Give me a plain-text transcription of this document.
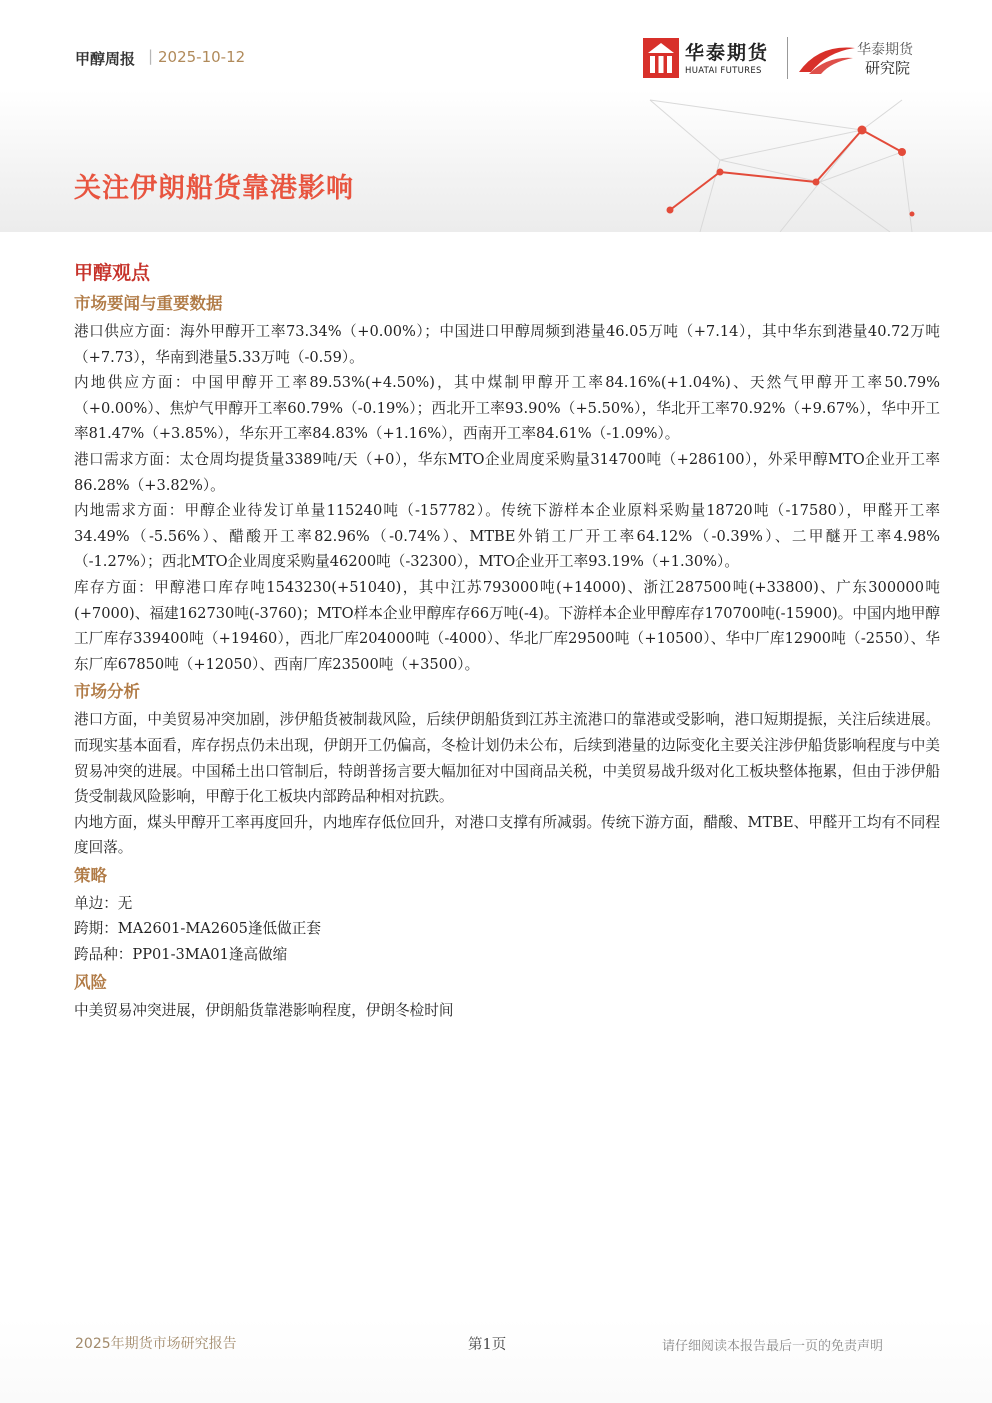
甲醇周报 | 2025-10-12	华泰期货
HUATAI FUTURES
华泰期货
研究院
关注伊朗船货靠港影响
甲醇观点
市场要闻与重要数据

港口供应方面：海外甲醇开工率73.34%（+0.00%）；中国进口甲醇周频到港量46.05万吨（+7.14），其中华东到港量40.72万吨（+7.73），华南到港量5.33万吨（-0.59）。

内地供应方面：中国甲醇开工率89.53%(+4.50%)，其中煤制甲醇开工率84.16%(+1.04%)、天然气甲醇开工率50.79%（+0.00%）、焦炉气甲醇开工率60.79%（-0.19%）；西北开工率93.90%（+5.50%），华北开工率70.92%（+9.67%），华中开工率81.47%（+3.85%），华东开工率84.83%（+1.16%），西南开工率84.61%（-1.09%）。

港口需求方面：太仓周均提货量3389吨/天（+0），华东MTO企业周度采购量314700吨（+286100），外采甲醇MTO企业开工率86.28%（+3.82%）。

内地需求方面：甲醇企业待发订单量115240吨（-157782）。传统下游样本企业原料采购量18720吨（-17580），甲醛开工率34.49%（-5.56%）、醋酸开工率82.96%（-0.74%）、MTBE外销工厂开工率64.12%（-0.39%）、二甲醚开工率4.98%（-1.27%）；西北MTO企业周度采购量46200吨（-32300），MTO企业开工率93.19%（+1.30%）。

库存方面：甲醇港口库存吨1543230(+51040)，其中江苏793000吨(+14000)、浙江287500吨(+33800)、广东300000吨(+7000)、福建162730吨(-3760)；MTO样本企业甲醇库存66万吨(-4)。下游样本企业甲醇库存170700吨(-15900)。中国内地甲醇工厂库存339400吨（+19460），西北厂库204000吨（-4000）、华北厂库29500吨（+10500）、华中厂库12900吨（-2550）、华东厂库67850吨（+12050）、西南厂库23500吨（+3500）。

市场分析

港口方面，中美贸易冲突加剧，涉伊船货被制裁风险，后续伊朗船货到江苏主流港口的靠港或受影响，港口短期提振，关注后续进展。而现实基本面看，库存拐点仍未出现，伊朗开工仍偏高，冬检计划仍未公布，后续到港量的边际变化主要关注涉伊船货影响程度与中美贸易冲突的进展。中国稀土出口管制后，特朗普扬言要大幅加征对中国商品关税，中美贸易战升级对化工板块整体拖累，但由于涉伊船货受制裁风险影响，甲醇于化工板块内部跨品种相对抗跌。

内地方面，煤头甲醇开工率再度回升，内地库存低位回升，对港口支撑有所减弱。传统下游方面，醋酸、MTBE、甲醛开工均有不同程度回落。

策略

单边：无

跨期：MA2601-MA2605逢低做正套

跨品种：PP01-3MA01逢高做缩

风险

中美贸易冲突进展，伊朗船货靠港影响程度，伊朗冬检时间

2025年期货市场研究报告	第1页	请仔细阅读本报告最后一页的免责声明
